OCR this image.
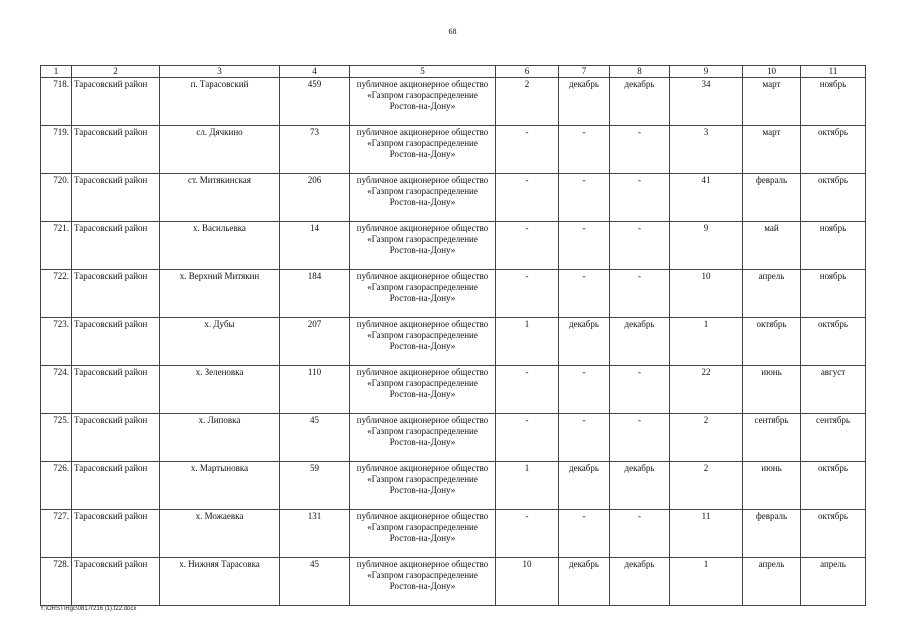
68
1	2	3	4	5	6	7	8	9	10	11
718.	Тарасовский район	п. Тарасовский	459	публичное акционерное общество «Газпром газораспределение Ростов-на-Дону»	2	декабрь	декабрь	34	март	ноябрь
719.	Тарасовский район	сл. Дячкино	73	публичное акционерное общество «Газпром газораспределение Ростов-на-Дону»	-	-	-	3	март	октябрь
720.	Тарасовский район	ст. Митякинская	206	публичное акционерное общество «Газпром газораспределение Ростов-на-Дону»	-	-	-	41	февраль	октябрь
721.	Тарасовский район	х. Васильевка	14	публичное акционерное общество «Газпром газораспределение Ростов-на-Дону»	-	-	-	9	май	ноябрь
722.	Тарасовский район	х. Верхний Митякин	184	публичное акционерное общество «Газпром газораспределение Ростов-на-Дону»	-	-	-	10	апрель	ноябрь
723.	Тарасовский район	х. Дубы	207	публичное акционерное общество «Газпром газораспределение Ростов-на-Дону»	1	декабрь	декабрь	1	октябрь	октябрь
724.	Тарасовский район	х. Зеленовка	110	публичное акционерное общество «Газпром газораспределение Ростов-на-Дону»	-	-	-	22	июнь	август
725.	Тарасовский район	х. Липовка	45	публичное акционерное общество «Газпром газораспределение Ростов-на-Дону»	-	-	-	2	сентябрь	сентябрь
726.	Тарасовский район	х. Мартыновка	59	публичное акционерное общество «Газпром газораспределение Ростов-на-Дону»	1	декабрь	декабрь	2	июнь	октябрь
727.	Тарасовский район	х. Можаевка	131	публичное акционерное общество «Газпром газораспределение Ростов-на-Дону»	-	-	-	11	февраль	октябрь
728.	Тарасовский район	х. Нижняя Тарасовка	45	публичное акционерное общество «Газпром газораспределение Ростов-на-Дону»	10	декабрь	декабрь	1	апрель	апрель
Y:\ORST\Rgc\0817r216 (1).f22.docx
